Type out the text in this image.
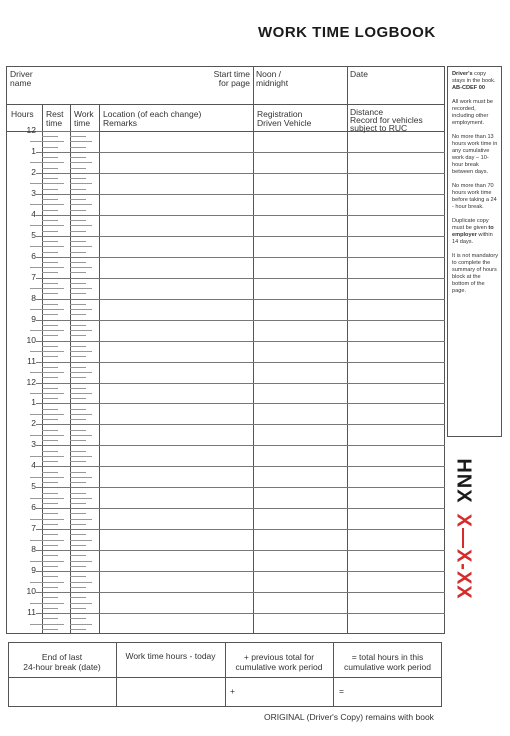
WORK TIME LOGBOOK
Driver
name
Start time
for page
Noon /
midnight
Date
Hours Rest
time
Work
time
Location (of each change)
Remarks
Registration
Driven Vehicle
Distance
Record for vehicles
subject to RUC
12
1
2
3
4
5
6
7
8
9
10
11
12
1
2
3
4
5
6
7
8
9
10
11

Driver's copy stays in the book.
AB-CDEF 00

All work must be recorded, including other employment.

No more than 13 hours work time in any cumulative work day – 10-hour break between days.

No more than 70 hours work time before taking a 24 - hour break.

Duplicate copy must be given to employer within 14 days.

It is not mandatory to complete the summary of hours block at the bottom of the page.

HNXX—X-XX
End of last
24-hour break (date)
Work time hours - today	+ previous total for
cumulative work period
= total hours in this
cumulative work period
+	=
ORIGINAL (Driver's Copy) remains with book
